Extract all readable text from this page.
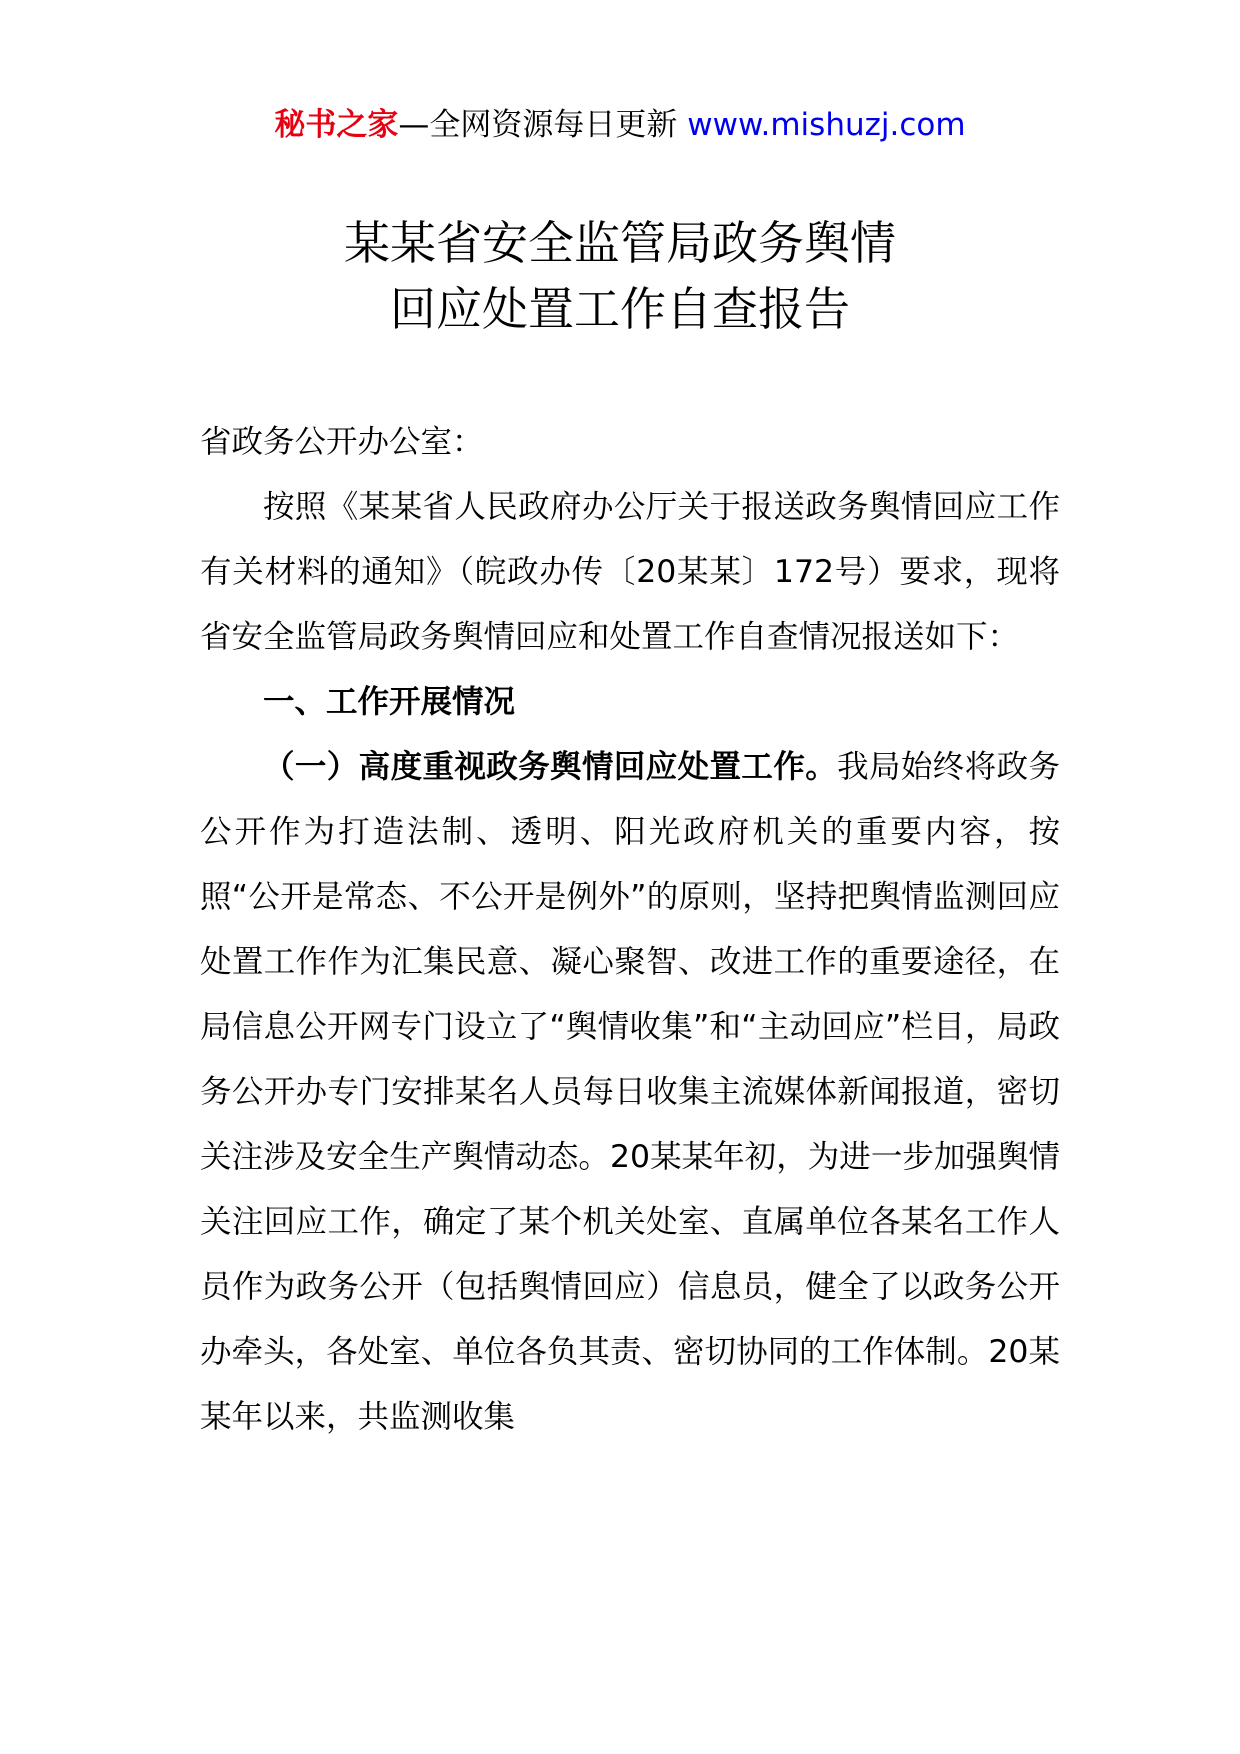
秘书之家—全网资源每日更新 www.mishuzj.com
某某省安全监管局政务舆情
回应处置工作自查报告

省政务公开办公室：

按照《某某省人民政府办公厅关于报送政务舆情回应工作有关材料的通知》（皖政办传〔20某某〕172号）要求，现将省安全监管局政务舆情回应和处置工作自查情况报送如下：

一、工作开展情况

（一）高度重视政务舆情回应处置工作。我局始终将政务公开作为打造法制、透明、阳光政府机关的重要内容，按照“公开是常态、不公开是例外”的原则，坚持把舆情监测回应处置工作作为汇集民意、凝心聚智、改进工作的重要途径，在局信息公开网专门设立了“舆情收集”和“主动回应”栏目，局政务公开办专门安排某名人员每日收集主流媒体新闻报道，密切关注涉及安全生产舆情动态。20某某年初，为进一步加强舆情关注回应工作，确定了某个机关处室、直属单位各某名工作人员作为政务公开（包括舆情回应）信息员，健全了以政务公开办牵头，各处室、单位各负其责、密切协同的工作体制。20某某年以来，共监测收集
